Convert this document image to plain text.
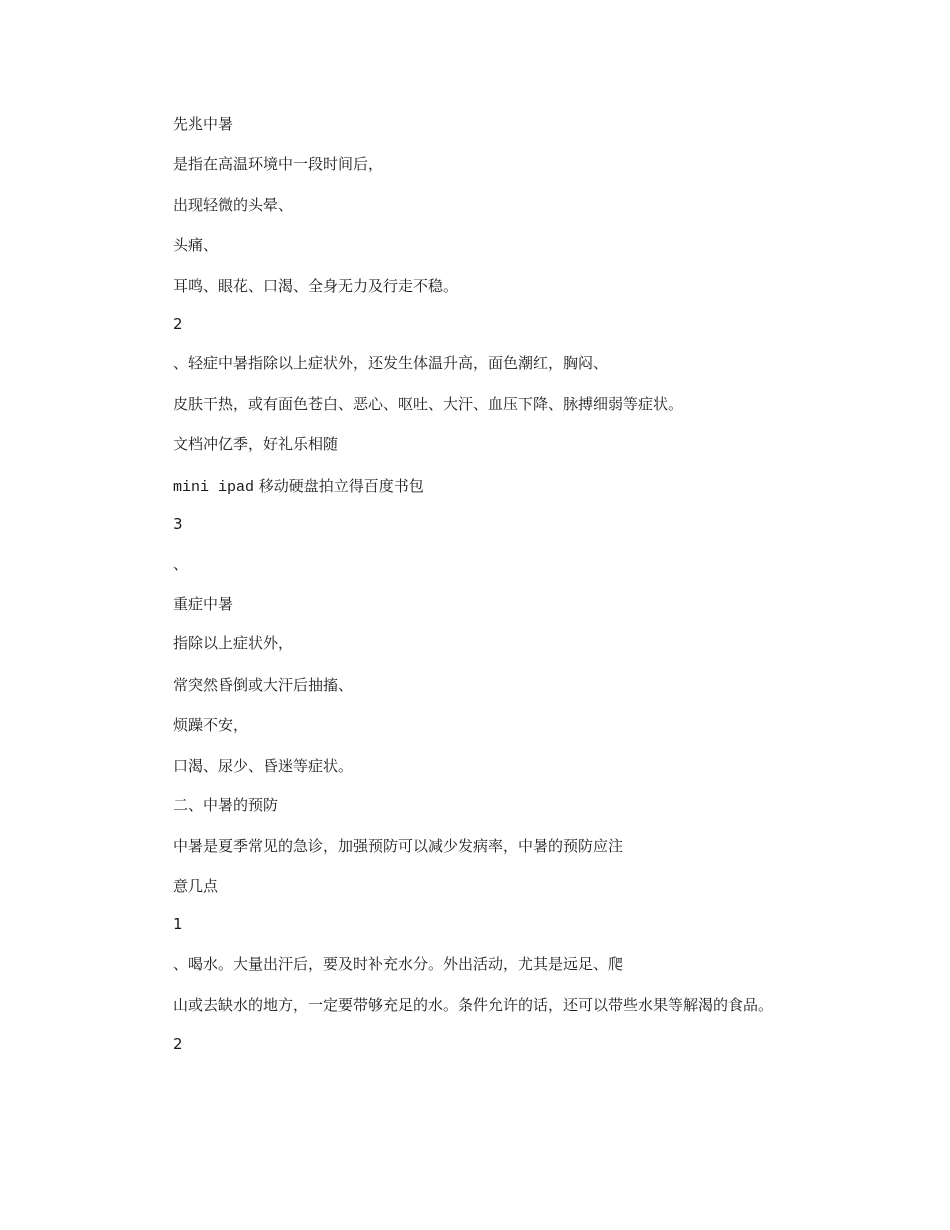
先兆中暑
是指在高温环境中一段时间后，
出现轻微的头晕、
头痛、
耳鸣、眼花、口渴、全身无力及行走不稳。
2
、轻症中暑指除以上症状外，还发生体温升高，面色潮红，胸闷、
皮肤干热，或有面色苍白、恶心、呕吐、大汗、血压下降、脉搏细弱等症状。
文档冲亿季，好礼乐相随
mini ipad 移动硬盘拍立得百度书包
3
、
重症中暑
指除以上症状外，
常突然昏倒或大汗后抽搐、
烦躁不安，
口渴、尿少、昏迷等症状。
二、中暑的预防
中暑是夏季常见的急诊，加强预防可以减少发病率，中暑的预防应注
意几点
1
、喝水。大量出汗后，要及时补充水分。外出活动，尤其是远足、爬
山或去缺水的地方，一定要带够充足的水。条件允许的话，还可以带些水果等解渴的食品。
2
